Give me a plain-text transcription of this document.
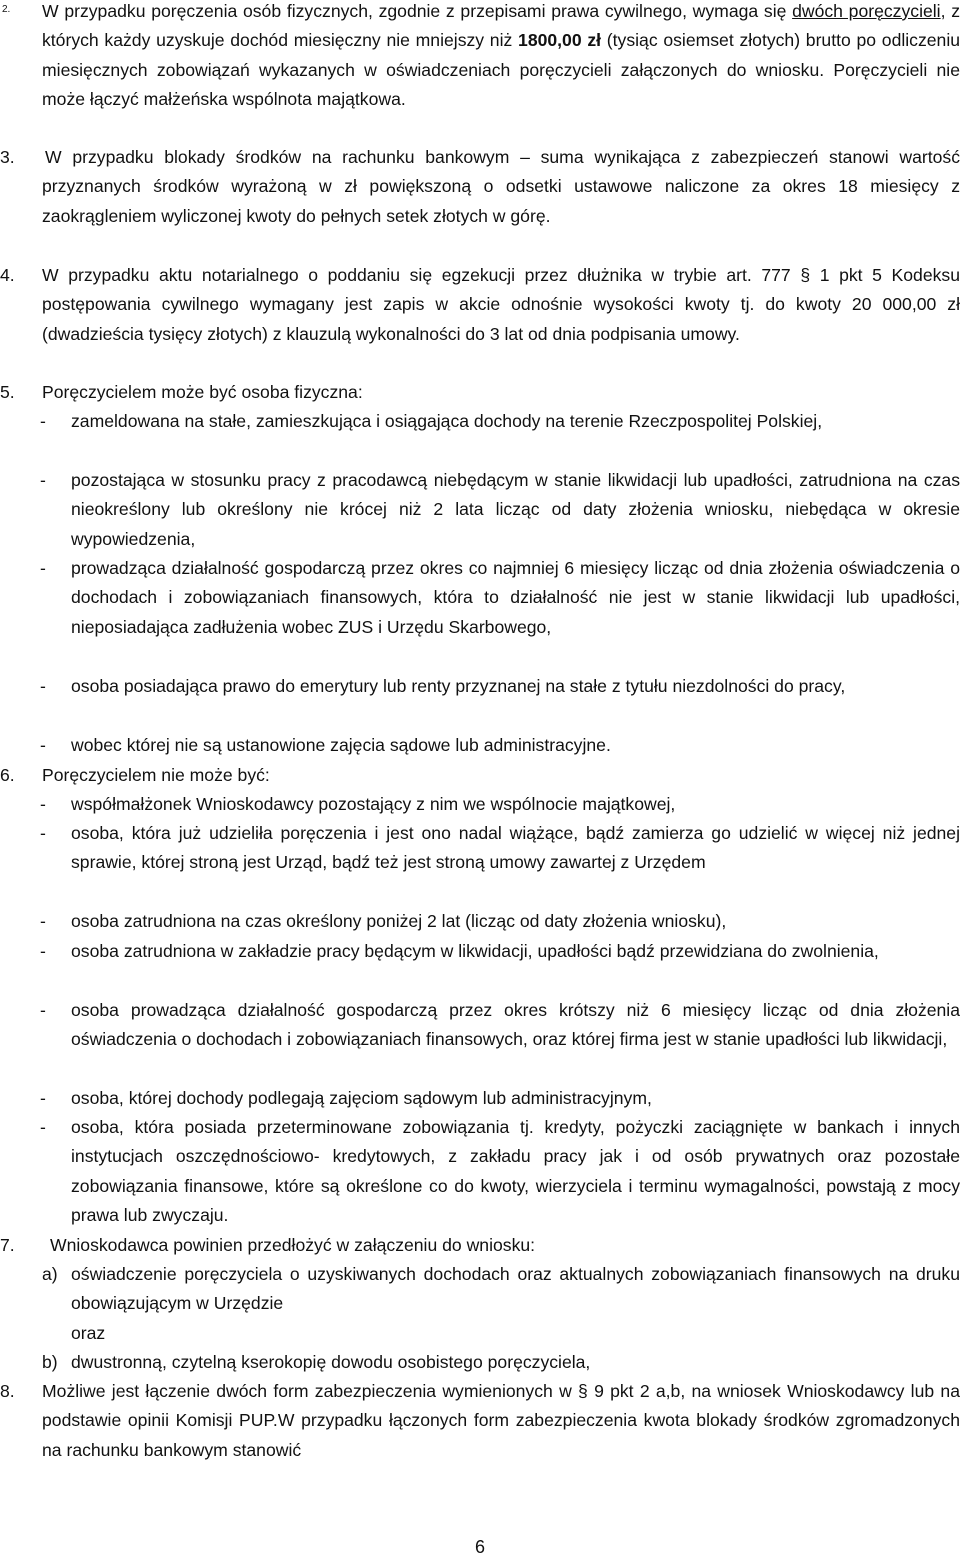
2. W przypadku poręczenia osób fizycznych, zgodnie z przepisami prawa cywilnego, wymaga się dwóch poręczycieli, z których każdy uzyskuje dochód miesięczny nie mniejszy niż 1800,00 zł (tysiąc osiemset złotych) brutto po odliczeniu miesięcznych zobowiązań wykazanych w oświadczeniach poręczycieli załączonych do wniosku. Poręczycieli nie może łączyć małżeńska wspólnota majątkowa.

3. W przypadku blokady środków na rachunku bankowym – suma wynikająca z zabezpieczeń stanowi wartość przyznanych środków wyrażoną w zł powiększoną o odsetki ustawowe naliczone za okres 18 miesięcy z zaokrągleniem wyliczonej kwoty do pełnych setek złotych w górę.

4. W przypadku aktu notarialnego o poddaniu się egzekucji przez dłużnika w trybie art. 777 § 1 pkt 5 Kodeksu postępowania cywilnego wymagany jest zapis w akcie odnośnie wysokości kwoty tj. do kwoty 20 000,00 zł (dwadzieścia tysięcy złotych) z klauzulą wykonalności do 3 lat od dnia podpisania umowy.

5. Poręczycielem może być osoba fizyczna:

- zameldowana na stałe, zamieszkująca i osiągająca dochody na terenie Rzeczpospolitej Polskiej,
- pozostająca w stosunku pracy z pracodawcą niebędącym w stanie likwidacji lub upadłości, zatrudniona na czas nieokreślony lub określony nie krócej niż 2 lata licząc od daty złożenia wniosku, niebędąca w okresie wypowiedzenia,
- prowadząca działalność gospodarczą przez okres co najmniej 6 miesięcy licząc od dnia złożenia oświadczenia o dochodach i zobowiązaniach finansowych, która to działalność nie jest w stanie likwidacji lub upadłości, nieposiadająca zadłużenia wobec ZUS i Urzędu Skarbowego,
- osoba posiadająca prawo do emerytury lub renty przyznanej na stałe z tytułu niezdolności do pracy,
- wobec której nie są ustanowione zajęcia sądowe lub administracyjne.
6. Poręczycielem nie może być:

- współmałżonek Wnioskodawcy pozostający z nim we wspólnocie majątkowej,
- osoba, która już udzieliła poręczenia i jest ono nadal wiążące, bądź zamierza go udzielić w więcej niż jednej sprawie, której stroną jest Urząd, bądź też jest stroną umowy zawartej z Urzędem
- osoba zatrudniona na czas określony poniżej 2 lat (licząc od daty złożenia wniosku),
- osoba zatrudniona w zakładzie pracy będącym w likwidacji, upadłości bądź przewidziana do zwolnienia,
- osoba prowadząca działalność gospodarczą przez okres krótszy niż 6 miesięcy licząc od dnia złożenia oświadczenia o dochodach i zobowiązaniach finansowych, oraz której firma jest w stanie upadłości lub likwidacji,
- osoba, której dochody podlegają zajęciom sądowym lub administracyjnym,
- osoba, która posiada przeterminowane zobowiązania tj. kredyty, pożyczki zaciągnięte w bankach i innych instytucjach oszczędnościowo- kredytowych, z zakładu pracy jak i od osób prywatnych oraz pozostałe zobowiązania finansowe, które są określone co do kwoty, wierzyciela i terminu wymagalności, powstają z mocy prawa lub zwyczaju.
7. Wnioskodawca powinien przedłożyć w załączeniu do wniosku:

a) oświadczenie poręczyciela o uzyskiwanych dochodach oraz aktualnych zobowiązaniach finansowych na druku obowiązującym w Urzędzie
oraz
b) dwustronną, czytelną kserokopię dowodu osobistego poręczyciela,
8. Możliwe jest łączenie dwóch form zabezpieczenia wymienionych w § 9 pkt 2 a,b, na wniosek Wnioskodawcy lub na podstawie opinii Komisji PUP.W przypadku łączonych form zabezpieczenia kwota blokady środków zgromadzonych na rachunku bankowym stanowić

6
